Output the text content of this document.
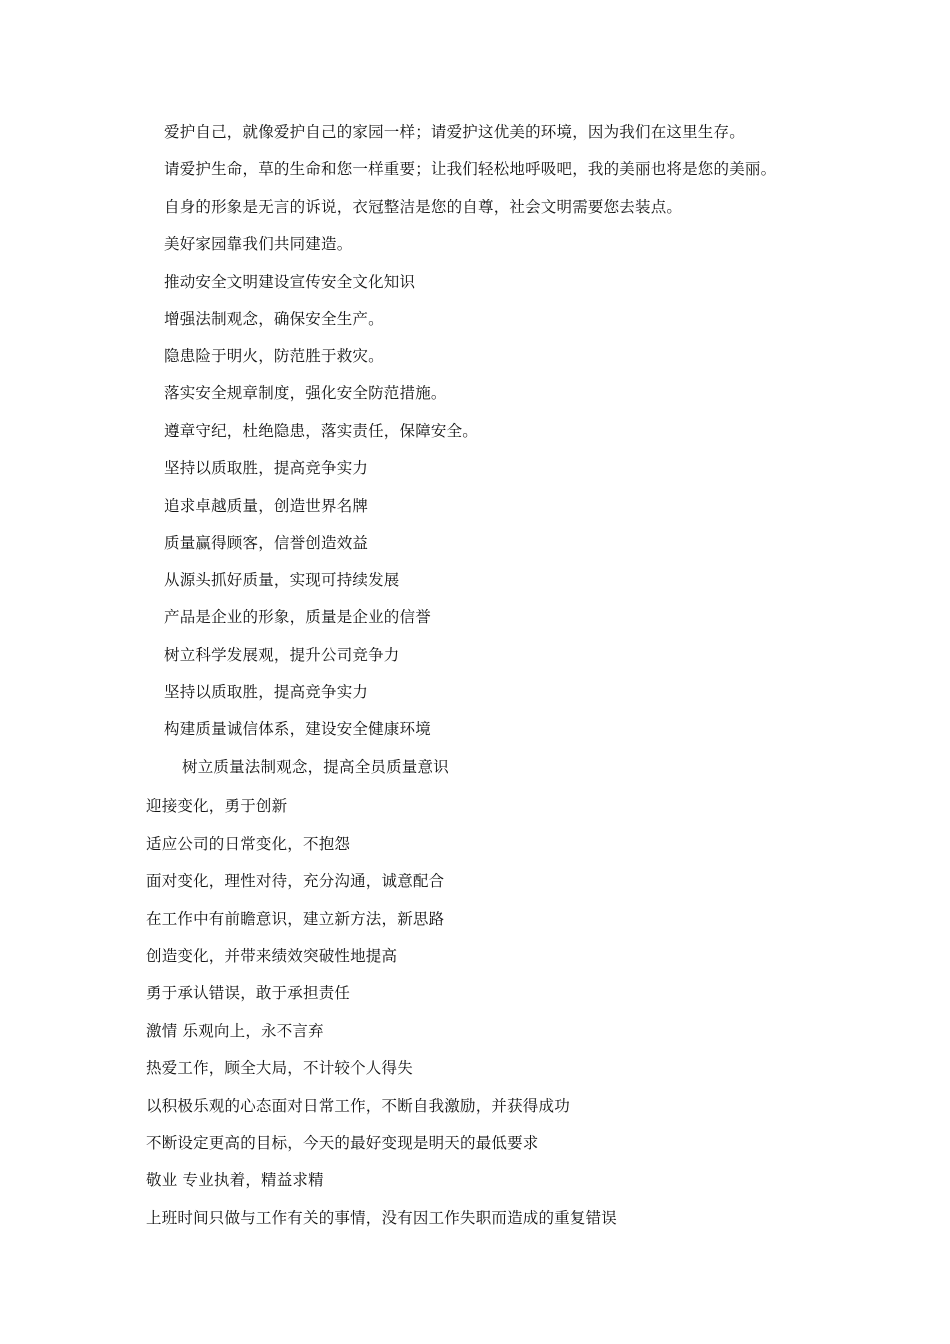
爱护自己，就像爱护自己的家园一样；请爱护这优美的环境，因为我们在这里生存。
请爱护生命，草的生命和您一样重要；让我们轻松地呼吸吧，我的美丽也将是您的美丽。
自身的形象是无言的诉说，衣冠整洁是您的自尊，社会文明需要您去装点。
美好家园靠我们共同建造。
推动安全文明建设宣传安全文化知识
增强法制观念，确保安全生产。
隐患险于明火，防范胜于救灾。
落实安全规章制度，强化安全防范措施。
遵章守纪，杜绝隐患，落实责任，保障安全。
坚持以质取胜，提高竞争实力
追求卓越质量，创造世界名牌
质量赢得顾客，信誉创造效益
从源头抓好质量，实现可持续发展
产品是企业的形象，质量是企业的信誉
树立科学发展观，提升公司竞争力
坚持以质取胜，提高竞争实力
构建质量诚信体系，建设安全健康环境
树立质量法制观念，提高全员质量意识
迎接变化，勇于创新
适应公司的日常变化，不抱怨
面对变化，理性对待，充分沟通，诚意配合
在工作中有前瞻意识，建立新方法，新思路
创造变化，并带来绩效突破性地提高
勇于承认错误，敢于承担责任
激情 乐观向上，永不言弃
热爱工作，顾全大局，不计较个人得失
以积极乐观的心态面对日常工作，不断自我激励，并获得成功
不断设定更高的目标，今天的最好变现是明天的最低要求
敬业 专业执着，精益求精
上班时间只做与工作有关的事情，没有因工作失职而造成的重复错误
